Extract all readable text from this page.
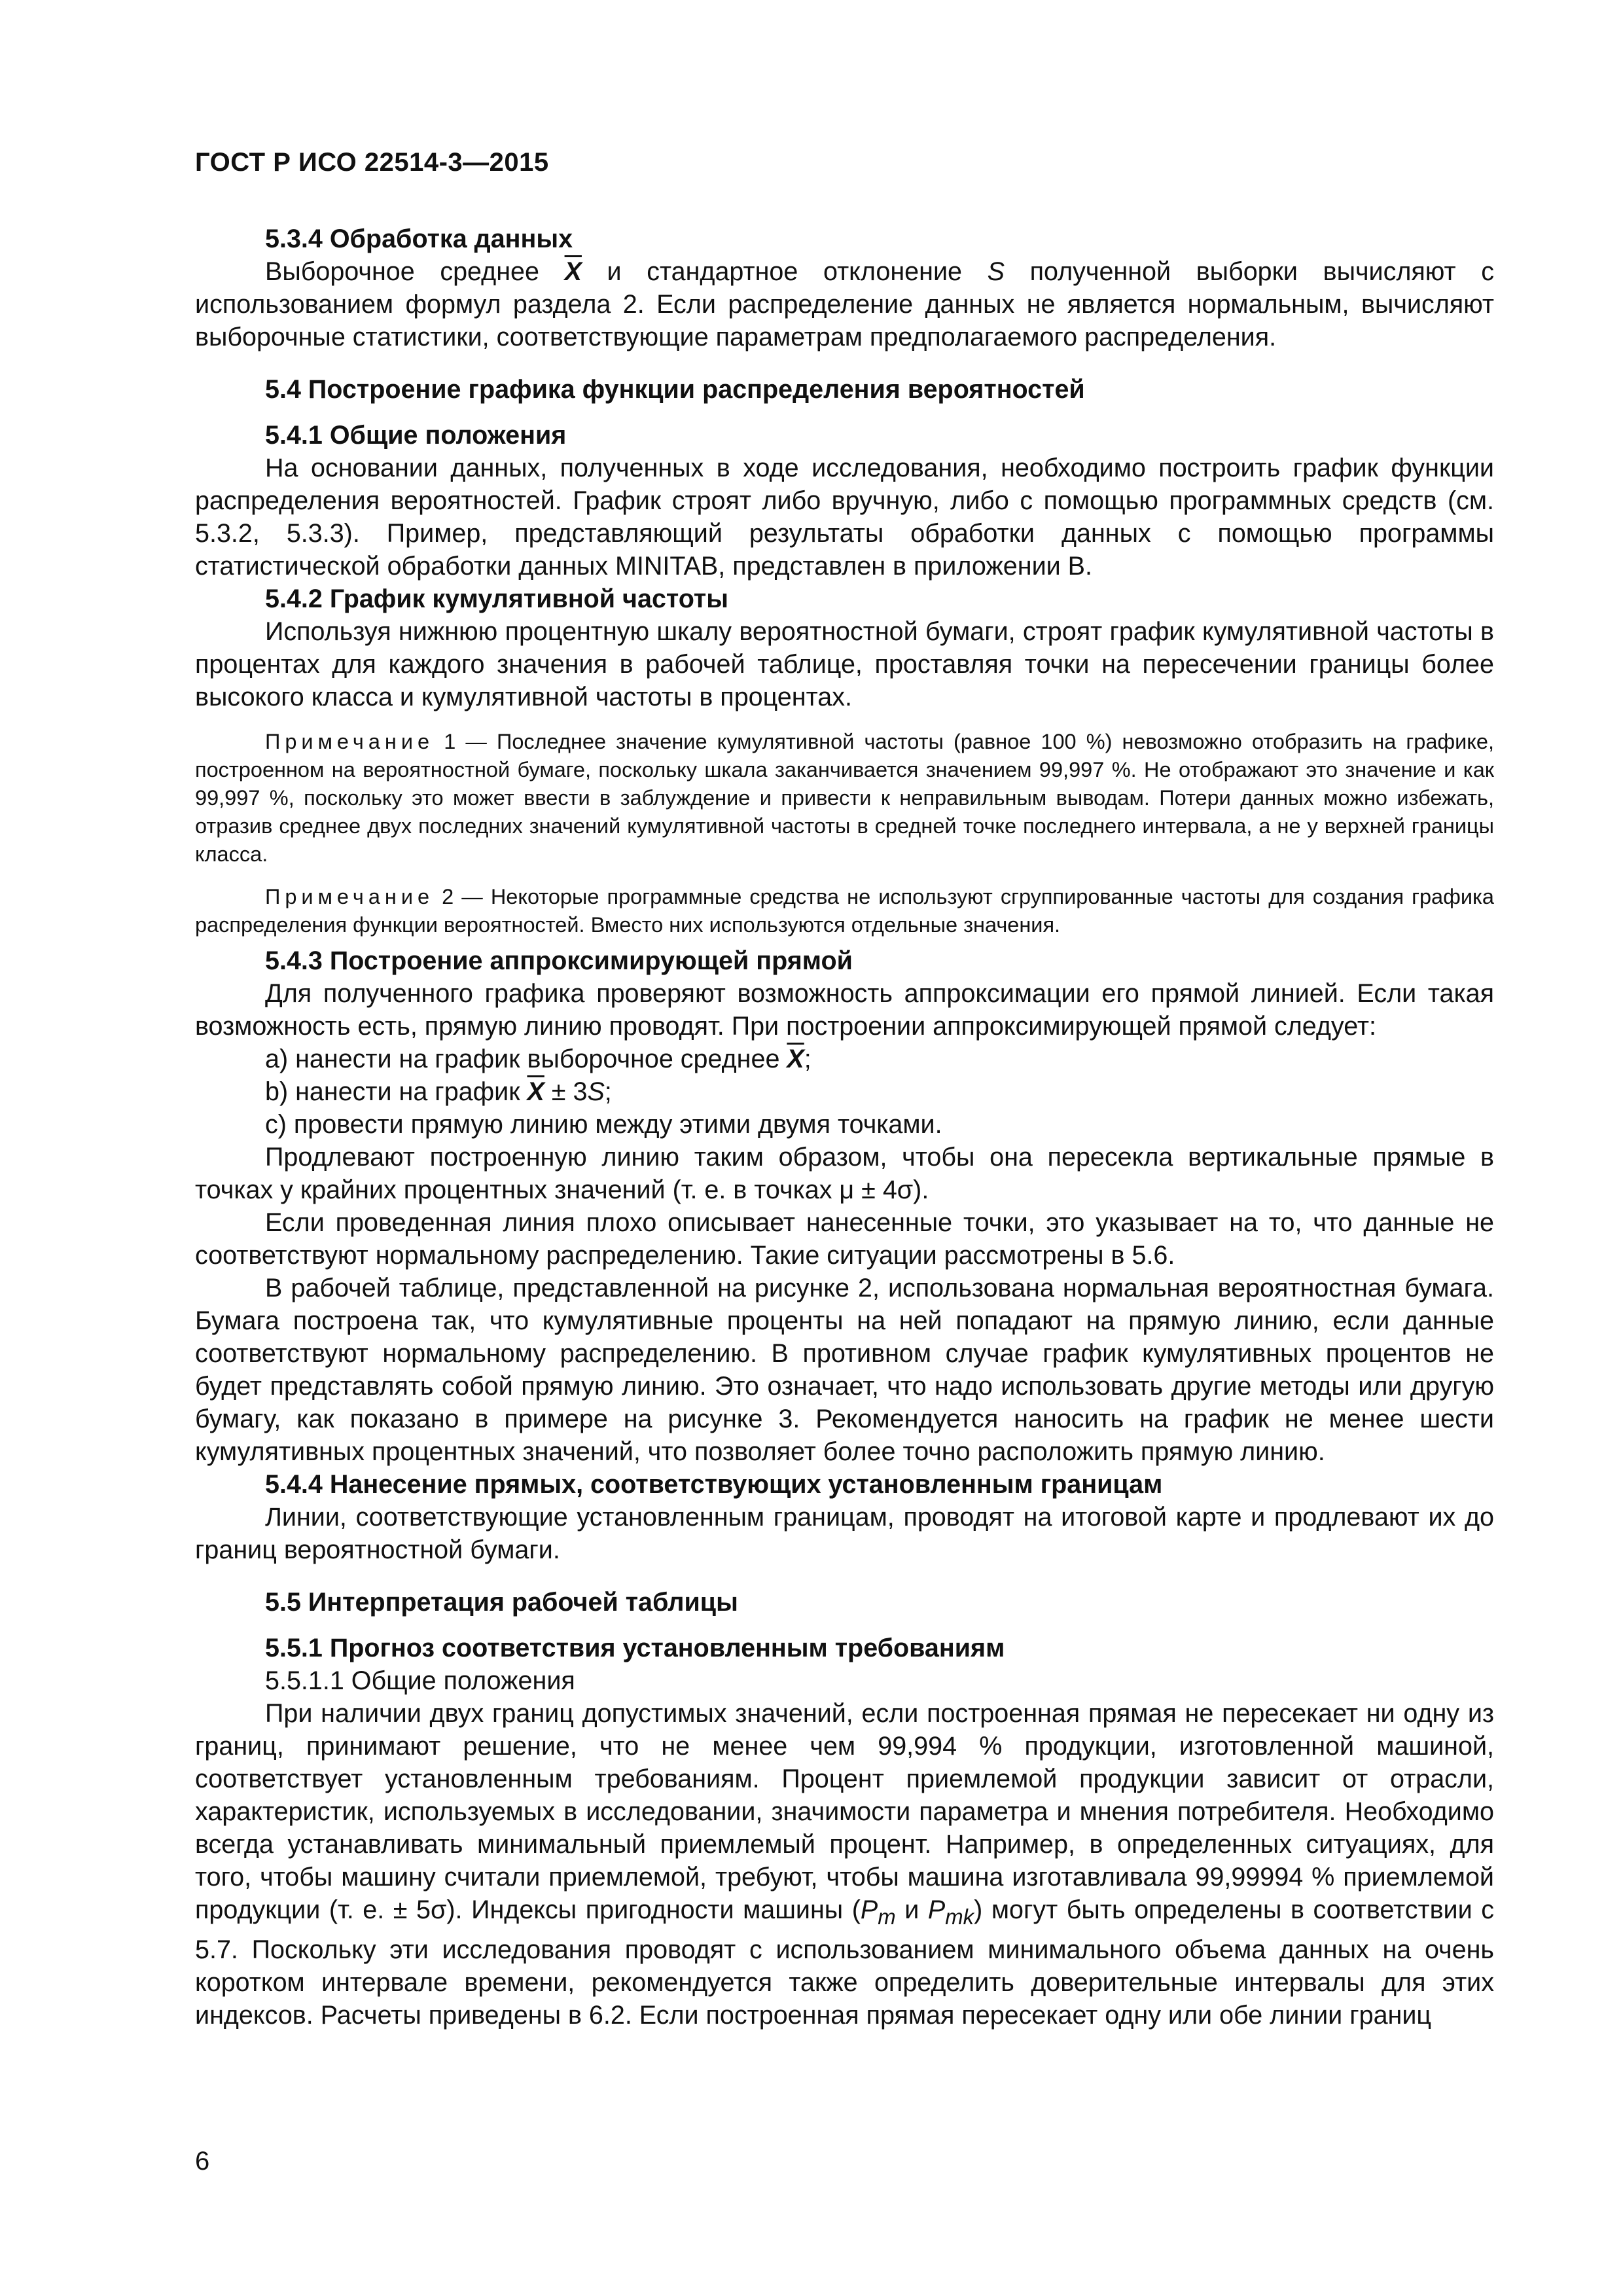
ГОСТ Р ИСО 22514-3—2015

5.3.4 Обработка данных

Выборочное среднее $\overline{X}$ и стандартное отклонение S полученной выборки вычисляют с использованием формул раздела 2. Если распределение данных не является нормальным, вычисляют выборочные статистики, соответствующие параметрам предполагаемого распределения.

5.4 Построение графика функции распределения вероятностей

5.4.1 Общие положения

На основании данных, полученных в ходе исследования, необходимо построить график функции распределения вероятностей. График строят либо вручную, либо с помощью программных средств (см. 5.3.2, 5.3.3). Пример, представляющий результаты обработки данных с помощью программы статистической обработки данных MINITAB, представлен в приложении В.

5.4.2 График кумулятивной частоты

Используя нижнюю процентную шкалу вероятностной бумаги, строят график кумулятивной частоты в процентах для каждого значения в рабочей таблице, проставляя точки на пересечении границы более высокого класса и кумулятивной частоты в процентах.

Примечание 1 — Последнее значение кумулятивной частоты (равное 100 %) невозможно отобразить на графике, построенном на вероятностной бумаге, поскольку шкала заканчивается значением 99,997 %. Не отображают это значение и как 99,997 %, поскольку это может ввести в заблуждение и привести к неправильным выводам. Потери данных можно избежать, отразив среднее двух последних значений кумулятивной частоты в средней точке последнего интервала, а не у верхней границы класса.

Примечание 2 — Некоторые программные средства не используют сгруппированные частоты для создания графика распределения функции вероятностей. Вместо них используются отдельные значения.

5.4.3 Построение аппроксимирующей прямой

Для полученного графика проверяют возможность аппроксимации его прямой линией. Если такая возможность есть, прямую линию проводят. При построении аппроксимирующей прямой следует:

a) нанести на график выборочное среднее $\overline{X}$;

b) нанести на график $\overline{X} \pm 3S$;

c) провести прямую линию между этими двумя точками.

Продлевают построенную линию таким образом, чтобы она пересекла вертикальные прямые в точках у крайних процентных значений (т. е. в точках μ ± 4σ).

Если проведенная линия плохо описывает нанесенные точки, это указывает на то, что данные не соответствуют нормальному распределению. Такие ситуации рассмотрены в 5.6.

В рабочей таблице, представленной на рисунке 2, использована нормальная вероятностная бумага. Бумага построена так, что кумулятивные проценты на ней попадают на прямую линию, если данные соответствуют нормальному распределению. В противном случае график кумулятивных процентов не будет представлять собой прямую линию. Это означает, что надо использовать другие методы или другую бумагу, как показано в примере на рисунке 3. Рекомендуется наносить на график не менее шести кумулятивных процентных значений, что позволяет более точно расположить прямую линию.

5.4.4 Нанесение прямых, соответствующих установленным границам

Линии, соответствующие установленным границам, проводят на итоговой карте и продлевают их до границ вероятностной бумаги.

5.5 Интерпретация рабочей таблицы

5.5.1 Прогноз соответствия установленным требованиям

5.5.1.1 Общие положения

При наличии двух границ допустимых значений, если построенная прямая не пересекает ни одну из границ, принимают решение, что не менее чем 99,994 % продукции, изготовленной машиной, соответствует установленным требованиям. Процент приемлемой продукции зависит от отрасли, характеристик, используемых в исследовании, значимости параметра и мнения потребителя. Необходимо всегда устанавливать минимальный приемлемый процент. Например, в определенных ситуациях, для того, чтобы машину считали приемлемой, требуют, чтобы машина изготавливала 99,99994 % приемлемой продукции (т. е. ± 5σ). Индексы пригодности машины ($P_m$ и $P_{mk}$) могут быть определены в соответствии с 5.7. Поскольку эти исследования проводят с использованием минимального объема данных на очень коротком интервале времени, рекомендуется также определить доверительные интервалы для этих индексов. Расчеты приведены в 6.2. Если построенная прямая пересекает одну или обе линии границ

6
